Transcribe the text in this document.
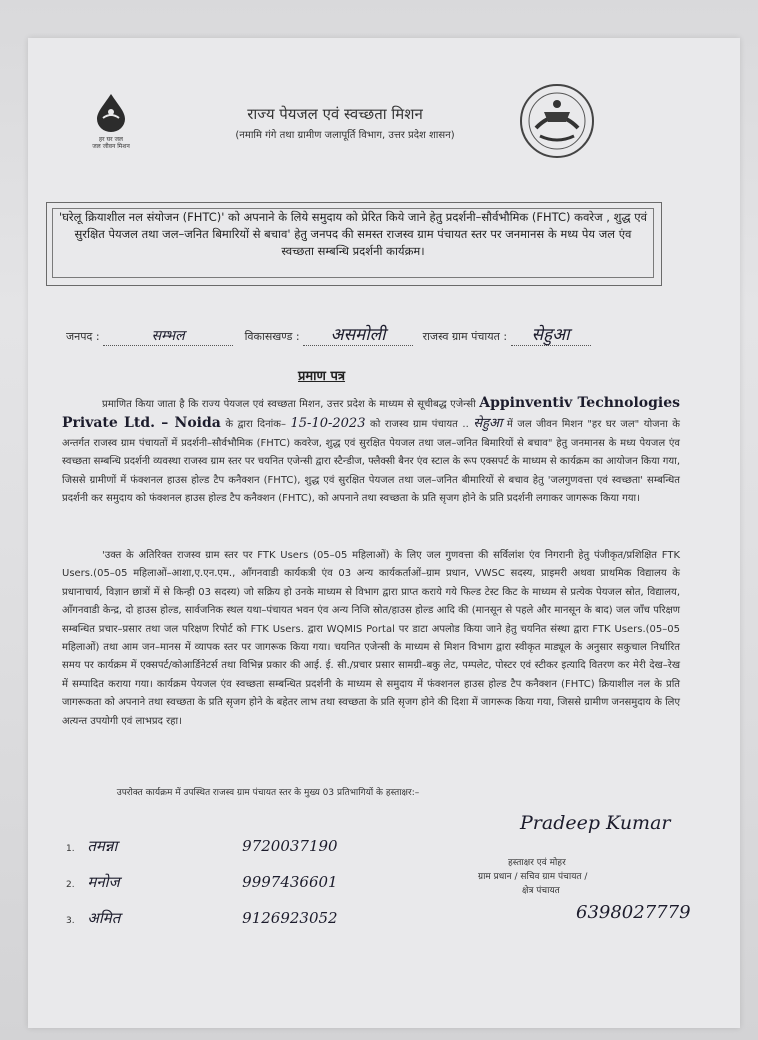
हर घर जल
जल जीवन मिशन
राज्य पेयजल एवं स्वच्छता मिशन
(नमामि गंगे तथा ग्रामीण जलापूर्ति विभाग, उत्तर प्रदेश शासन)
'घरेलू क्रियाशील नल संयोजन (FHTC)' को अपनाने के लिये समुदाय को प्रेरित किये जाने हेतु प्रदर्शनी–सौर्वभौमिक (FHTC) कवरेज , शुद्ध एवं सुरक्षित पेयजल तथा जल–जनित बिमारियों से बचाव' हेतु जनपद की समस्त राजस्व ग्राम पंचायत स्तर पर जनमानस के मध्य पेय जल एंव स्वच्छता सम्बन्धि प्रदर्शनी कार्यक्रम।
जनपद :	सम्भल	विकासखण्ड : असमोली	राजस्व ग्राम पंचायत : सेहुआ
प्रमाण पत्र
प्रमाणित किया जाता है कि राज्य पेयजल एवं स्वच्छता मिशन, उत्तर प्रदेश के माध्यम से सूचीबद्ध एजेन्सी Appinventiv Technologies Private Ltd. – Noida के द्वारा दिनांक– 15-10-2023 को राजस्व ग्राम पंचायत .. सेहुआ में जल जीवन मिशन "हर घर जल" योजना के अन्तर्गत राजस्व ग्राम पंचायतों में प्रदर्शनी–सौर्वभौमिक (FHTC) कवरेज, शुद्ध एवं सुरक्षित पेयजल तथा जल–जनित बिमारियों से बचाव" हेतु जनमानस के मध्य पेयजल एंव स्वच्छता सम्बन्धि प्रदर्शनी व्यवस्था राजस्व ग्राम स्तर पर चयनित एजेन्सी द्वारा स्टैन्डीज, फ्लैक्सी बैनर एंव स्टाल के रूप एक्सपर्ट के माध्यम से कार्यक्रम का आयोजन किया गया, जिससे ग्रामीणों में फंक्शनल हाउस होल्ड टैप कनैक्शन (FHTC), शुद्ध एवं सुरक्षित पेयजल तथा जल–जनित बीमारियों से बचाव हेतु 'जलगुणवत्ता एवं स्वच्छता' सम्बन्धित प्रदर्शनी कर समुदाय को फंक्शनल हाउस होल्ड टैप कनैक्शन (FHTC), को अपनाने तथा स्वच्छता के प्रति सृजग होने के प्रति प्रदर्शनी लगाकर जागरूक किया गया।
'उक्त के अतिरिक्त राजस्व ग्राम स्तर पर FTK Users (05–05 महिलाओं) के लिए जल गुणवत्ता की सर्विलांश एंव निगरानी हेतु पंजीकृत/प्रशिक्षित FTK Users.(05–05 महिलाओं–आशा,ए.एन.एम., आँगनवाडी कार्यकत्री एंव 03 अन्य कार्यकर्ताओं–ग्राम प्रधान, VWSC सदस्य, प्राइमरी अथवा प्राथमिक विद्यालय के प्रधानाचार्य, विज्ञान छात्रों में से किन्ही 03 सदस्य) जो सक्रिय हो उनके माध्यम से विभाग द्वारा प्राप्त कराये गये फिल्ड टेस्ट किट के माध्यम से प्रत्येक पेयजल स्रोत, विद्यालय, आँगनवाडी केन्द्र, दो हाउस होल्ड, सार्वजनिक स्थल यथा–पंचायत भवन एंव अन्य निजि स्रोत/हाउस होल्ड आदि की (मानसून से पहले और मानसून के बाद) जल जाँच परिक्षण सम्बन्धित प्रचार–प्रसार तथा जल परिक्षण रिपोर्ट को FTK Users. द्वारा WQMIS Portal पर डाटा अपलोड किया जाने हेतु चयनित संस्था द्वारा FTK Users.(05–05 महिलाओं) तथा आम जन–मानस में व्यापक स्तर पर जागरूक किया गया। चयनित एजेन्सी के माध्यम से मिशन विभाग द्वारा स्वीकृत माड्यूल के अनुसार सकुचाल निर्धारित समय पर कार्यक्रम में एक्सपर्ट/कोआर्डिनेटर्स तथा विभिन्न प्रकार की आई. ई. सी./प्रचार प्रसार सामग्री–बकु लेट, पम्पलेट, पोस्टर एवं स्टीकर इत्यादि वितरण कर मेरी देख–रेख में सम्पादित कराया गया। कार्यक्रम पेयजल एंव स्वच्छता सम्बन्धित प्रदर्शनी के माध्यम से समुदाय में फंक्शनल हाउस होल्ड टैप कनैक्शन (FHTC) क्रियाशील नल के प्रति जागरूकता को अपनाने तथा स्वच्छता के प्रति सृजग होने के बहेतर लाभ तथा स्वच्छता के प्रति सृजग होने की दिशा में जागरूक किया गया, जिससे ग्रामीण जनसमुदाय के लिए अत्यन्त उपयोगी एवं लाभप्रद रहा।
उपरोक्त कार्यक्रम में उपस्थित राजस्व ग्राम पंचायत स्तर के मुख्य 03 प्रतिभागियों के हस्ताक्षर:–
1. तमन्ना	9720037190
2. मनोज	9997436601
3. अमित	9126923052
Pradeep Kumar
हस्ताक्षर एवं मोहर
ग्राम प्रधान / सचिव ग्राम पंचायत /
क्षेत्र पंचायत
6398027779
